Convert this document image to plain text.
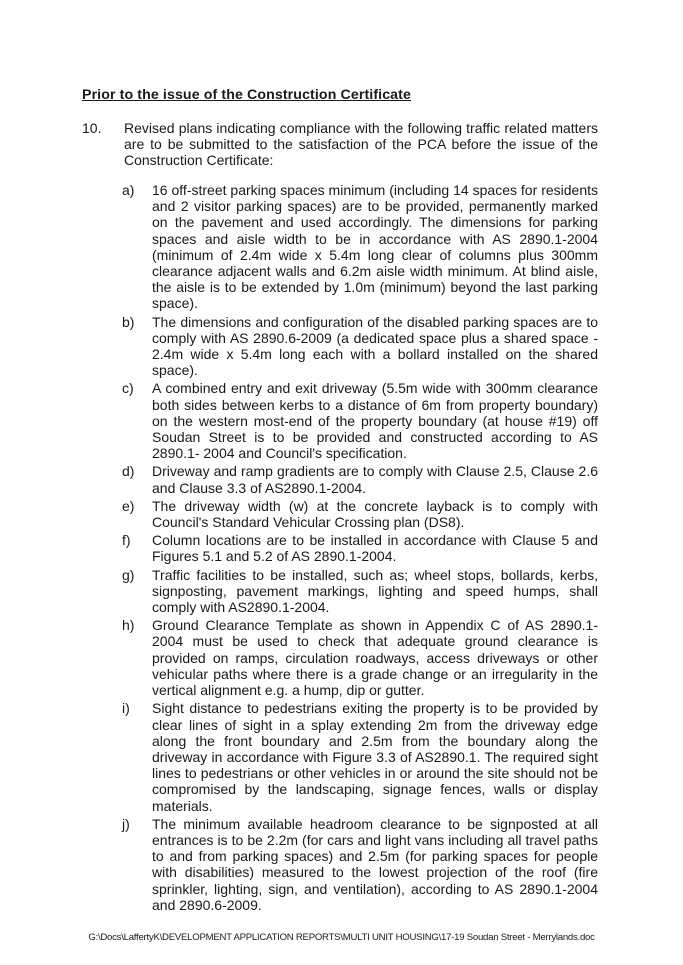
Prior to the issue of the Construction Certificate
10. Revised plans indicating compliance with the following traffic related matters are to be submitted to the satisfaction of the PCA before the issue of the Construction Certificate:
a)	16 off-street parking spaces minimum (including 14 spaces for residents and 2 visitor parking spaces) are to be provided, permanently marked on the pavement and used accordingly. The dimensions for parking spaces and aisle width to be in accordance with AS 2890.1-2004 (minimum of 2.4m wide x 5.4m long clear of columns plus 300mm clearance adjacent walls and 6.2m aisle width minimum. At blind aisle, the aisle is to be extended by 1.0m (minimum) beyond the last parking space).
b)	The dimensions and configuration of the disabled parking spaces are to comply with AS 2890.6-2009 (a dedicated space plus a shared space - 2.4m wide x 5.4m long each with a bollard installed on the shared space).
c)	A combined entry and exit driveway (5.5m wide with 300mm clearance both sides between kerbs to a distance of 6m from property boundary) on the western most-end of the property boundary (at house #19) off Soudan Street is to be provided and constructed according to AS 2890.1- 2004 and Council's specification.
d)	Driveway and ramp gradients are to comply with Clause 2.5, Clause 2.6 and Clause 3.3 of AS2890.1-2004.
e)	The driveway width (w) at the concrete layback is to comply with Council's Standard Vehicular Crossing plan (DS8).
f)	Column locations are to be installed in accordance with Clause 5 and Figures 5.1 and 5.2 of AS 2890.1-2004.
g)	Traffic facilities to be installed, such as; wheel stops, bollards, kerbs, signposting, pavement markings, lighting and speed humps, shall comply with AS2890.1-2004.
h)	Ground Clearance Template as shown in Appendix C of AS 2890.1-2004 must be used to check that adequate ground clearance is provided on ramps, circulation roadways, access driveways or other vehicular paths where there is a grade change or an irregularity in the vertical alignment e.g. a hump, dip or gutter.
i)	Sight distance to pedestrians exiting the property is to be provided by clear lines of sight in a splay extending 2m from the driveway edge along the front boundary and 2.5m from the boundary along the driveway in accordance with Figure 3.3 of AS2890.1. The required sight lines to pedestrians or other vehicles in or around the site should not be compromised by the landscaping, signage fences, walls or display materials.
j)	The minimum available headroom clearance to be signposted at all entrances is to be 2.2m (for cars and light vans including all travel paths to and from parking spaces) and 2.5m (for parking spaces for people with disabilities) measured to the lowest projection of the roof (fire sprinkler, lighting, sign, and ventilation), according to AS 2890.1-2004 and 2890.6-2009.
G:\Docs\LaffertyK\DEVELOPMENT APPLICATION REPORTS\MULTI UNIT HOUSING\17-19 Soudan Street - Merrylands.doc
